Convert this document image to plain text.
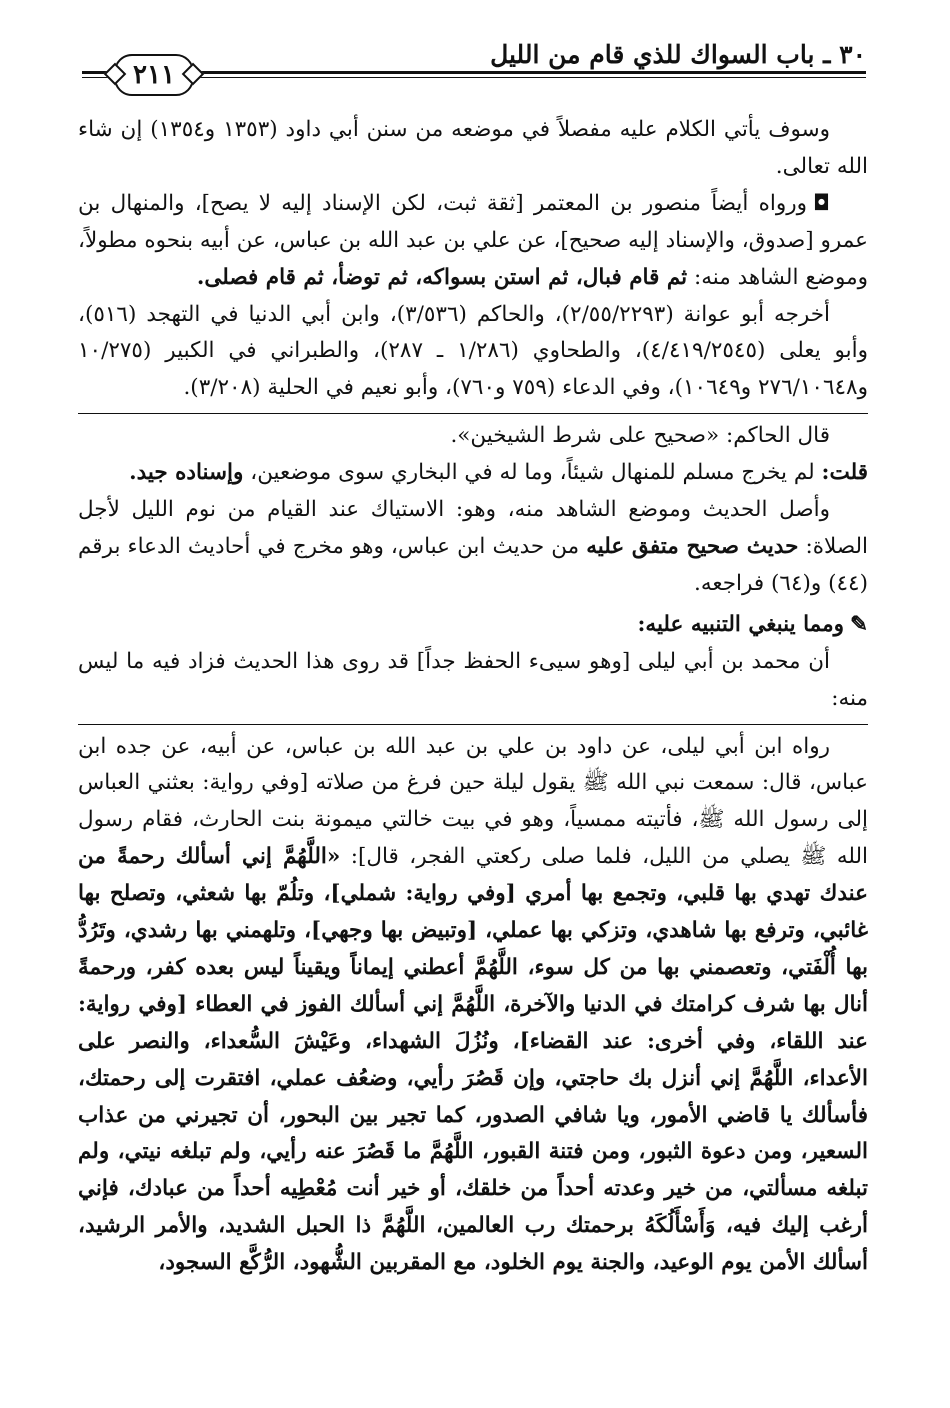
٣٠ ـ باب السواك للذي قام من الليل
٢١١

وسوف يأتي الكلام عليه مفصلاً في موضعه من سنن أبي داود (١٣٥٣ و١٣٥٤) إن شاء الله تعالى.

◘ورواه أيضاً منصور بن المعتمر [ثقة ثبت، لكن الإسناد إليه لا يصح]، والمنهال بن عمرو [صدوق، والإسناد إليه صحيح]، عن علي بن عبد الله بن عباس، عن أبيه بنحوه مطولاً، وموضع الشاهد منه: ثم قام فبال، ثم استن بسواكه، ثم توضأ، ثم قام فصلى.

أخرجه أبو عوانة (٢/٥٥/٢٢٩٣)، والحاكم (٣/٥٣٦)، وابن أبي الدنيا في التهجد (٥١٦)، وأبو يعلى (٤/٤١٩/٢٥٤٥)، والطحاوي (١/٢٨٦ ـ ٢٨٧)، والطبراني في الكبير (١٠/٢٧٥ و٢٧٦/١٠٦٤٨ و١٠٦٤٩)، وفي الدعاء (٧٥٩ و٧٦٠)، وأبو نعيم في الحلية (٣/٢٠٨).

قال الحاكم: «صحيح على شرط الشيخين».

قلت: لم يخرج مسلم للمنهال شيئاً، وما له في البخاري سوى موضعين، وإسناده جيد.

وأصل الحديث وموضع الشاهد منه، وهو: الاستياك عند القيام من نوم الليل لأجل الصلاة: حديث صحيح متفق عليه من حديث ابن عباس، وهو مخرج في أحاديث الدعاء برقم (٤٤) و(٦٤) فراجعه.

✎ومما ينبغي التنبيه عليه:

أن محمد بن أبي ليلى [وهو سيىء الحفظ جداً] قد روى هذا الحديث فزاد فيه ما ليس منه:

رواه ابن أبي ليلى، عن داود بن علي بن عبد الله بن عباس، عن أبيه، عن جده ابن عباس، قال: سمعت نبي الله ﷺ يقول ليلة حين فرغ من صلاته [وفي رواية: بعثني العباس إلى رسول الله ﷺ، فأتيته ممسياً، وهو في بيت خالتي ميمونة بنت الحارث، فقام رسول الله ﷺ يصلي من الليل، فلما صلى ركعتي الفجر، قال]: «اللَّهُمَّ إني أسألك رحمةً من عندك تهدي بها قلبي، وتجمع بها أمري [وفي رواية: شملي]، وتلُمّ بها شعثي، وتصلح بها غائبي، وترفع بها شاهدي، وتزكي بها عملي، [وتبيض بها وجهي]، وتلهمني بها رشدي، وتَرُدُّ بها أُلْفَتي، وتعصمني بها من كل سوء، اللَّهُمَّ أعطني إيماناً ويقيناً ليس بعده كفر، ورحمةً أنال بها شرف كرامتك في الدنيا والآخرة، اللَّهُمَّ إني أسألك الفوز في العطاء [وفي رواية: عند اللقاء، وفي أخرى: عند القضاء]، ونُزُلَ الشهداء، وعَيْشَ السُّعداء، والنصر على الأعداء، اللَّهُمَّ إني أنزل بك حاجتي، وإن قَصُرَ رأيي، وضعُف عملي، افتقرت إلى رحمتك، فأسألك يا قاضي الأمور، ويا شافي الصدور، كما تجير بين البحور، أن تجيرني من عذاب السعير، ومن دعوة الثبور، ومن فتنة القبور، اللَّهُمَّ ما قَصُرَ عنه رأيي، ولم تبلغه نيتي، ولم تبلغه مسألتي، من خير وعدته أحداً من خلقك، أو خير أنت مُعْطِيه أحداً من عبادك، فإني أرغب إليك فيه، وَأَسْأَلُكَهُ برحمتك رب العالمين، اللَّهُمَّ ذا الحبل الشديد، والأمر الرشيد، أسألك الأمن يوم الوعيد، والجنة يوم الخلود، مع المقربين الشُّهود، الرُّكَّع السجود،
